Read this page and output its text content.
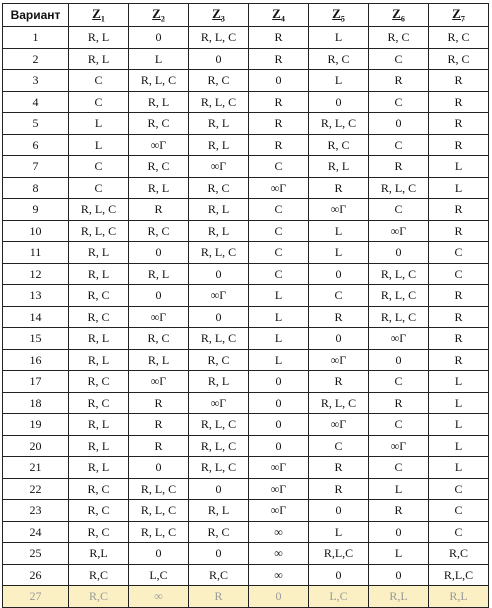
Вариант	$Z_1$	$Z_2$	$Z_3$	$Z_4$	$Z_5$	$Z_6$	$Z_7$
1	R, L	0	R, L, C	R	L	R, C	R, C
2	R, L	L	0	R	R, C	C	R, C
3	C	R, L, C	R, C	0	L	R	R
4	C	R, L	R, L, C	R	0	C	R
5	L	R, C	R, L	R	R, L, C	0	R
6	L	∞Γ	R, L	R	R, C	C	R
7	C	R, C	∞Γ	C	R, L	R	L
8	C	R, L	R, C	∞Γ	R	R, L, C	L
9	R, L, C	R	R, L	C	∞Γ	C	R
10	R, L, C	R, C	R, L	C	L	∞Γ	R
11	R, L	0	R, L, C	C	L	0	C
12	R, L	R, L	0	C	0	R, L, C	C
13	R, C	0	∞Γ	L	C	R, L, C	R
14	R, C	∞Γ	0	L	R	R, L, C	R
15	R, L	R, C	R, L, C	L	0	∞Γ	R
16	R, L	R, L	R, C	L	∞Γ	0	R
17	R, C	∞Γ	R, L	0	R	C	L
18	R, C	R	∞Γ	0	R, L, C	R	L
19	R, L	R	R, L, C	0	∞Γ	C	L
20	R, L	R	R, L, C	0	C	∞Γ	L
21	R, L	0	R, L, C	∞Γ	R	C	L
22	R, C	R, L, C	0	∞Γ	R	L	C
23	R, C	R, L, C	R, L	∞Γ	0	R	C
24	R, C	R, L, C	R, C	∞	L	0	C
25	R,L	0	0	∞	R,L,C	L	R,C
26	R,C	L,C	R,C	∞	0	0	R,L,C
27	R,C	∞	R	0	L,C	R,L	R,L
